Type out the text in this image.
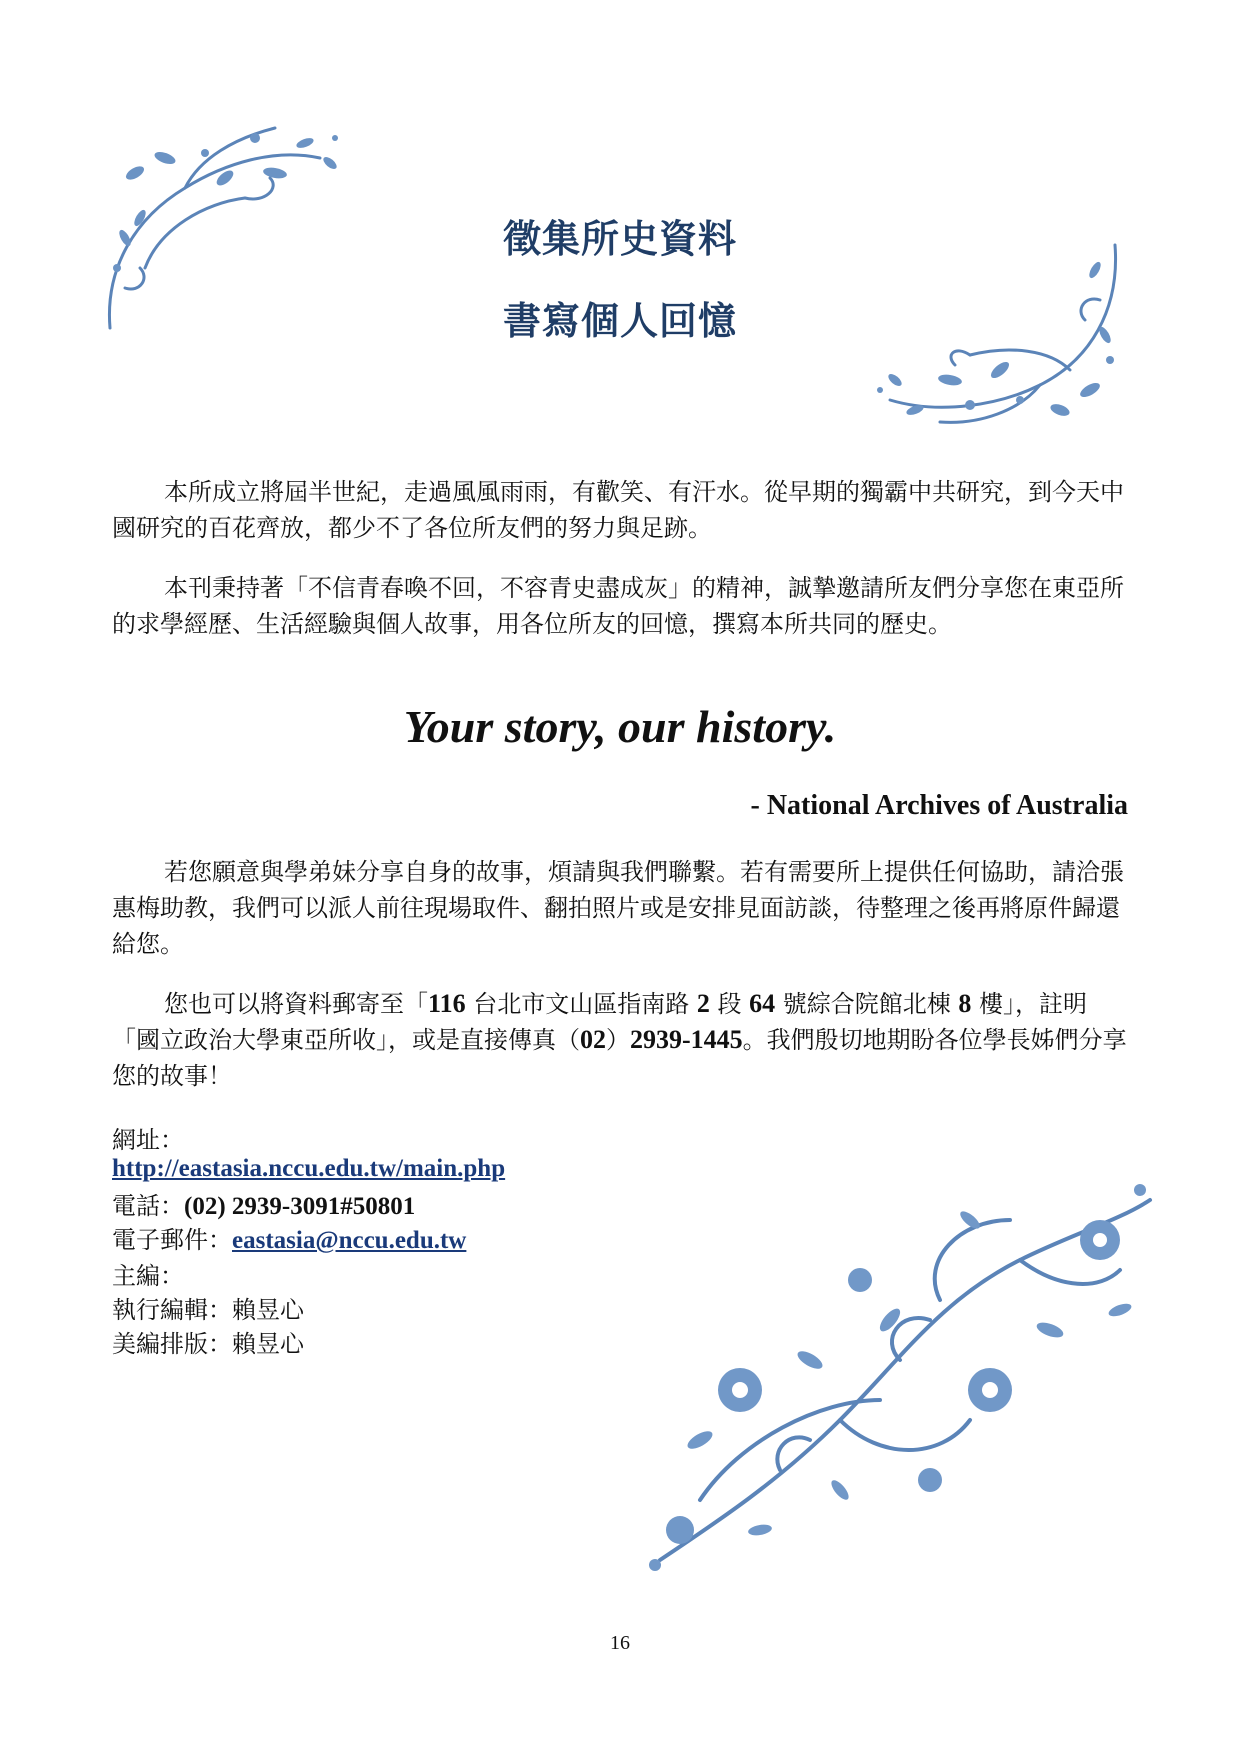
徵集所史資料
書寫個人回憶
本所成立將屆半世紀，走過風風雨雨，有歡笑、有汗水。從早期的獨霸中共研究，到今天中國研究的百花齊放，都少不了各位所友們的努力與足跡。
本刊秉持著「不信青春喚不回，不容青史盡成灰」的精神，誠摯邀請所友們分享您在東亞所的求學經歷、生活經驗與個人故事，用各位所友的回憶，撰寫本所共同的歷史。
Your story, our history.
- National Archives of Australia
若您願意與學弟妹分享自身的故事，煩請與我們聯繫。若有需要所上提供任何協助，請洽張惠梅助教，我們可以派人前往現場取件、翻拍照片或是安排見面訪談，待整理之後再將原件歸還給您。
您也可以將資料郵寄至「116 台北市文山區指南路 2 段 64 號綜合院館北棟 8 樓」，註明「國立政治大學東亞所收」，或是直接傳真（02）2939-1445。我們殷切地期盼各位學長姊們分享您的故事！
網址：
http://eastasia.nccu.edu.tw/main.php
電話：(02) 2939-3091#50801
電子郵件：eastasia@nccu.edu.tw
主編：
執行編輯：賴昱心
美編排版：賴昱心
16
